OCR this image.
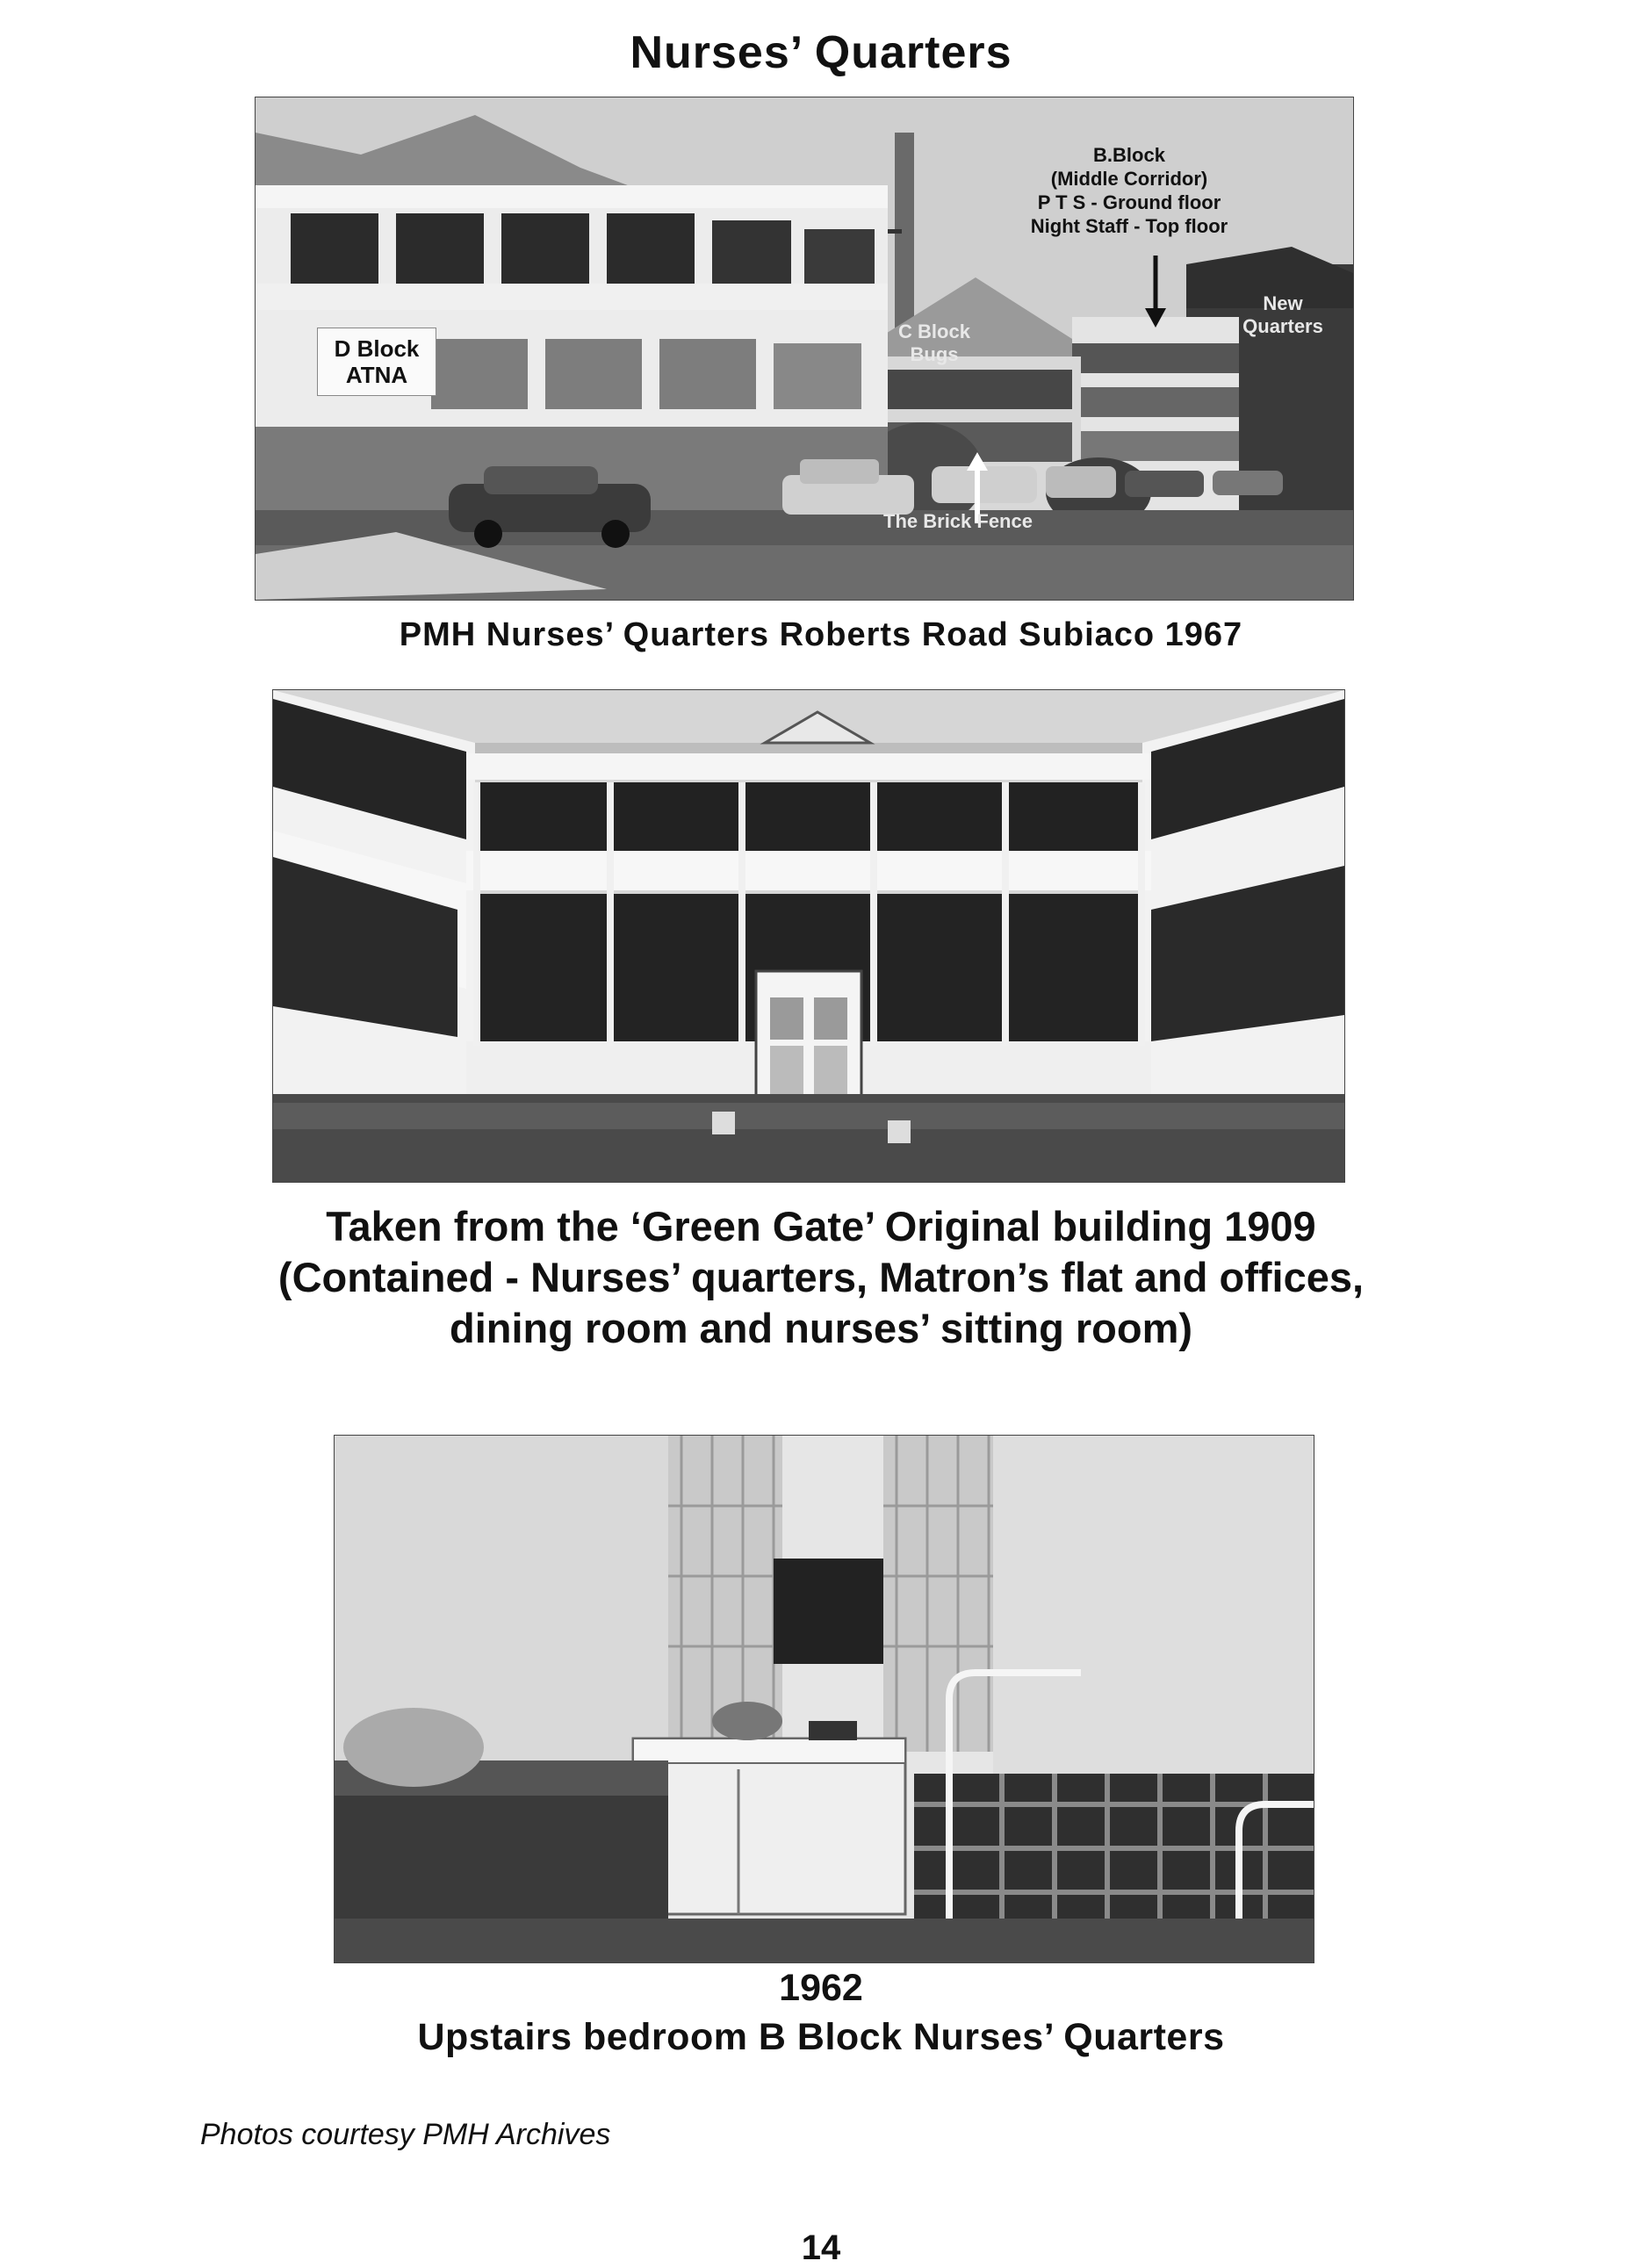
Nurses’ Quarters
D Block
ATNA
B.Block
(Middle Corridor)
P T S - Ground floor
Night Staff - Top floor
C Block
Bugs
New
Quarters
The Brick Fence
PMH Nurses’ Quarters Roberts Road Subiaco 1967
Taken from the ‘Green Gate’ Original building 1909
(Contained - Nurses’ quarters, Matron’s flat and offices,
dining room and nurses’ sitting room)
1962
Upstairs bedroom B Block Nurses’ Quarters
Photos courtesy PMH Archives
14
